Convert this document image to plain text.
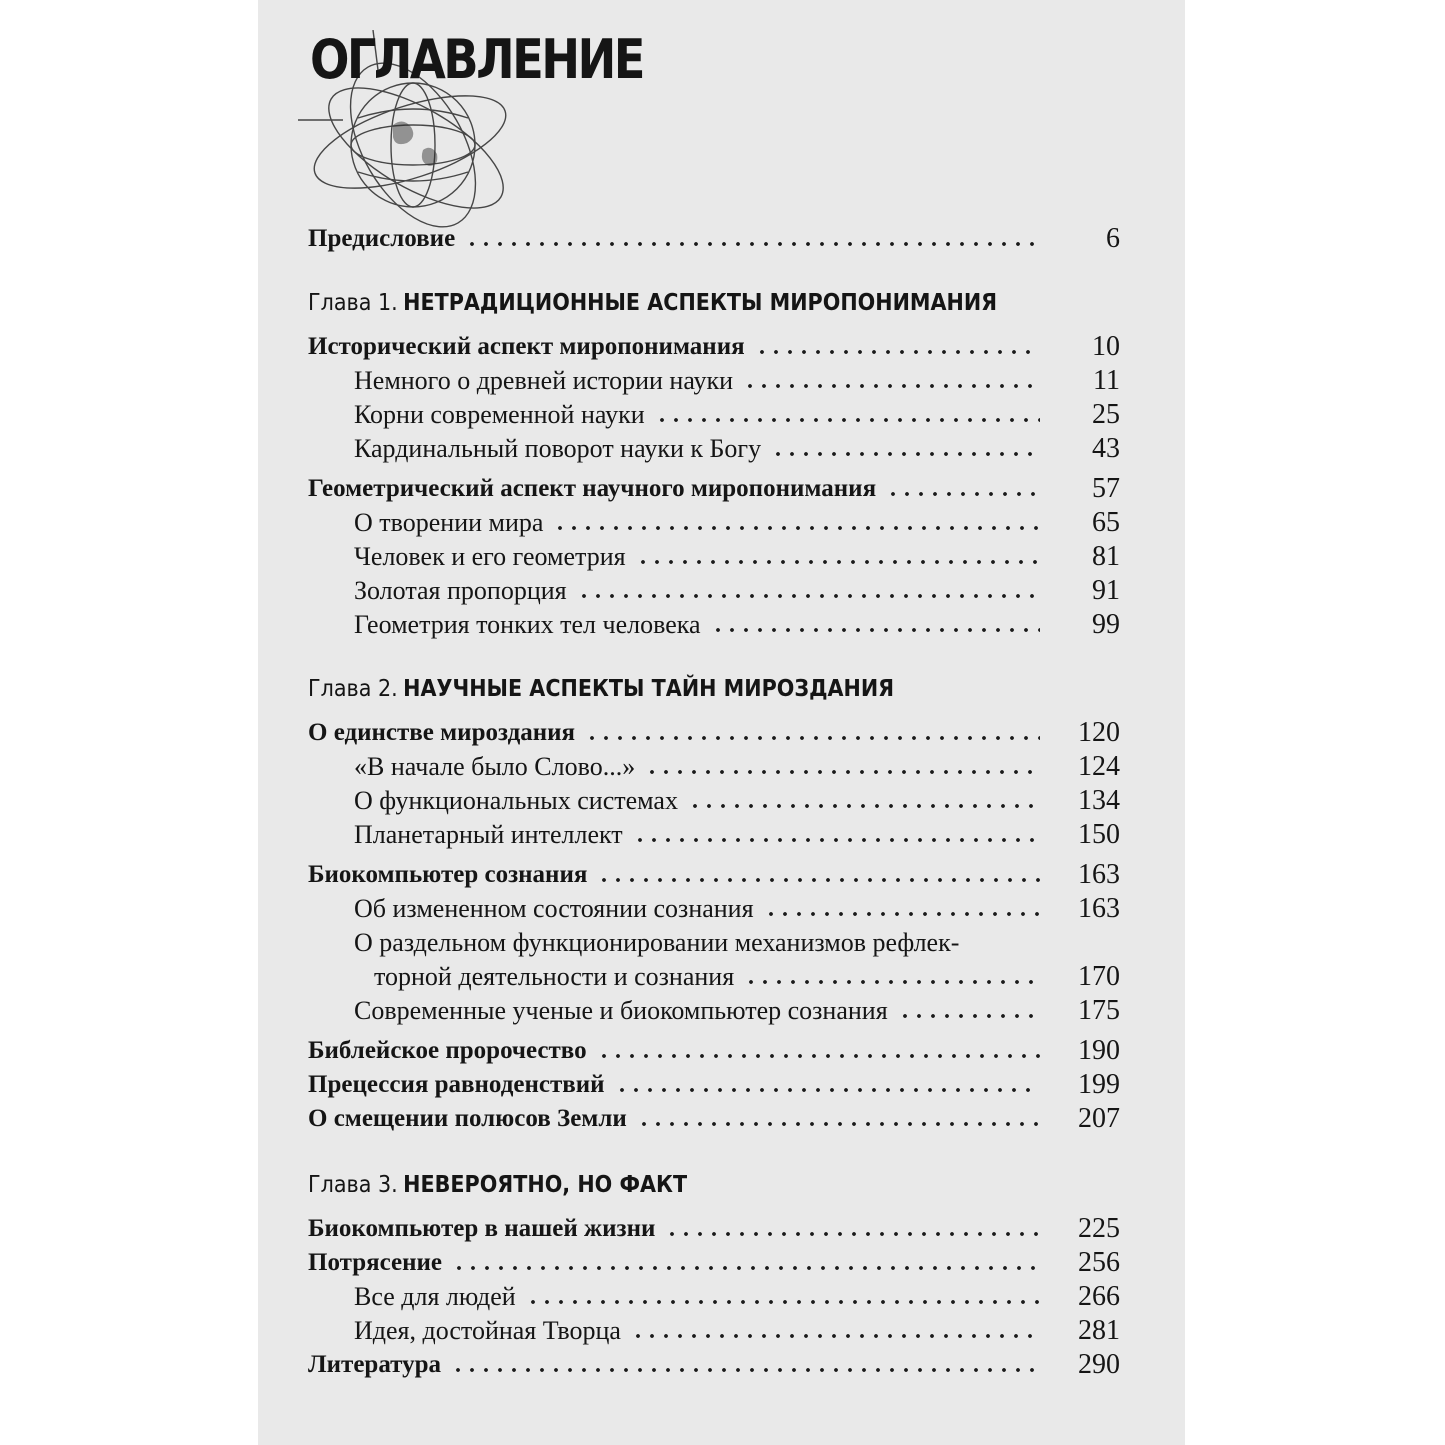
ОГЛАВЛЕНИЕ
Предисловие	6
Глава 1. НЕТРАДИЦИОННЫЕ АСПЕКТЫ МИРОПОНИМАНИЯ
Исторический аспект миропонимания	10
Немного о древней истории науки	11
Корни современной науки	25
Кардинальный поворот науки к Богу	43
Геометрический аспект научного миропонимания	57
О творении мира	65
Человек и его геометрия	81
Золотая пропорция	91
Геометрия тонких тел человека	99
Глава 2. НАУЧНЫЕ АСПЕКТЫ ТАЙН МИРОЗДАНИЯ
О единстве мироздания	120
«В начале было Слово...»	124
О функциональных системах	134
Планетарный интеллект	150
Биокомпьютер сознания	163
Об измененном состоянии сознания	163
О раздельном функционировании механизмов рефлек-
торной деятельности и сознания	170
Современные ученые и биокомпьютер сознания	175
Библейское пророчество	190
Прецессия равноденствий	199
О смещении полюсов Земли	207
Глава 3. НЕВЕРОЯТНО, НО ФАКТ
Биокомпьютер в нашей жизни	225
Потрясение	256
Все для людей	266
Идея, достойная Творца	281
Литература	290
